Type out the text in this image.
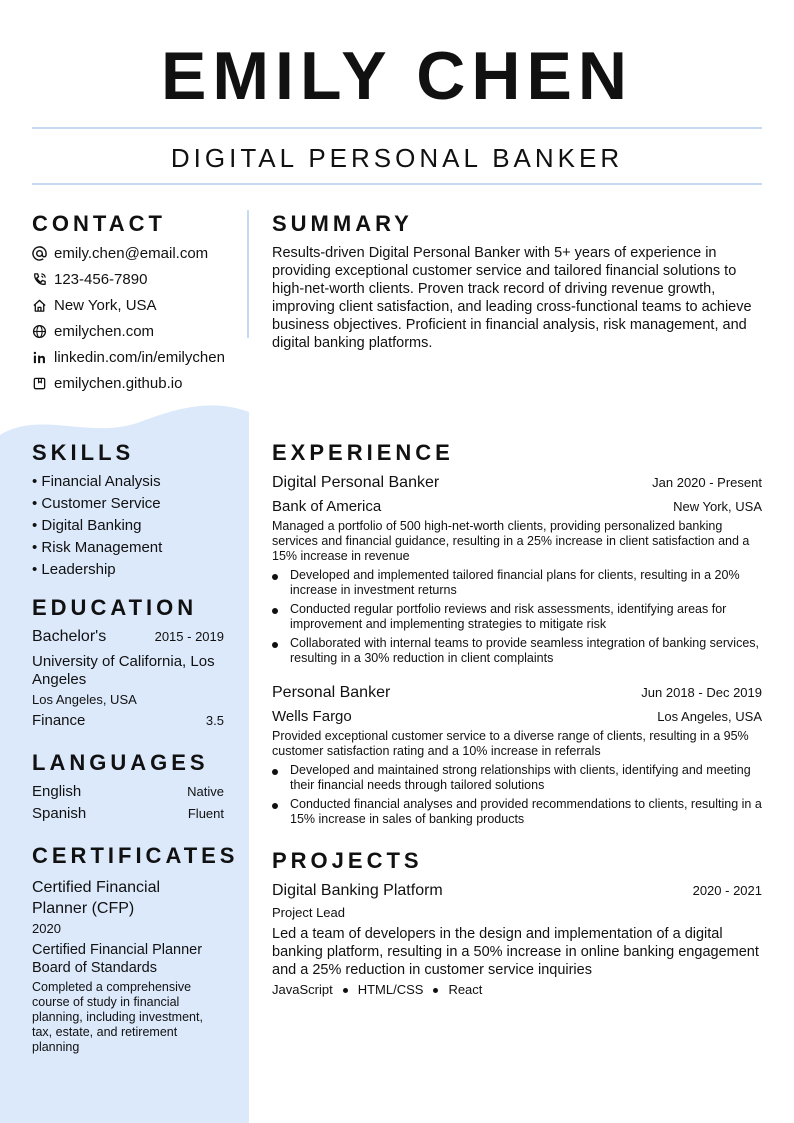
EMILY CHEN
DIGITAL PERSONAL BANKER
CONTACT
emily.chen@email.com
123-456-7890
New York, USA
emilychen.com
linkedin.com/in/emilychen
emilychen.github.io
SKILLS
• Financial Analysis
• Customer Service
• Digital Banking
• Risk Management
• Leadership
EDUCATION
Bachelor's	2015 - 2019
University of California, Los Angeles
Los Angeles, USA
Finance	3.5
LANGUAGES
English	Native
Spanish	Fluent
CERTIFICATES
Certified Financial Planner (CFP)
2020
Certified Financial Planner Board of Standards
Completed a comprehensive course of study in financial planning, including investment, tax, estate, and retirement planning
SUMMARY
Results-driven Digital Personal Banker with 5+ years of experience in providing exceptional customer service and tailored financial solutions to high-net-worth clients. Proven track record of driving revenue growth, improving client satisfaction, and leading cross-functional teams to achieve business objectives. Proficient in financial analysis, risk management, and digital banking platforms.
EXPERIENCE
Digital Personal Banker	Jan 2020 - Present
Bank of America	New York, USA
Managed a portfolio of 500 high-net-worth clients, providing personalized banking services and financial guidance, resulting in a 25% increase in client satisfaction and a 15% increase in revenue
Developed and implemented tailored financial plans for clients, resulting in a 20% increase in investment returns
Conducted regular portfolio reviews and risk assessments, identifying areas for improvement and implementing strategies to mitigate risk
Collaborated with internal teams to provide seamless integration of banking services, resulting in a 30% reduction in client complaints
Personal Banker	Jun 2018 - Dec 2019
Wells Fargo	Los Angeles, USA
Provided exceptional customer service to a diverse range of clients, resulting in a 95% customer satisfaction rating and a 10% increase in referrals
Developed and maintained strong relationships with clients, identifying and meeting their financial needs through tailored solutions
Conducted financial analyses and provided recommendations to clients, resulting in a 15% increase in sales of banking products
PROJECTS
Digital Banking Platform	2020 - 2021
Project Lead
Led a team of developers in the design and implementation of a digital banking platform, resulting in a 50% increase in online banking engagement and a 25% reduction in customer service inquiries
JavaScript HTML/CSS React
